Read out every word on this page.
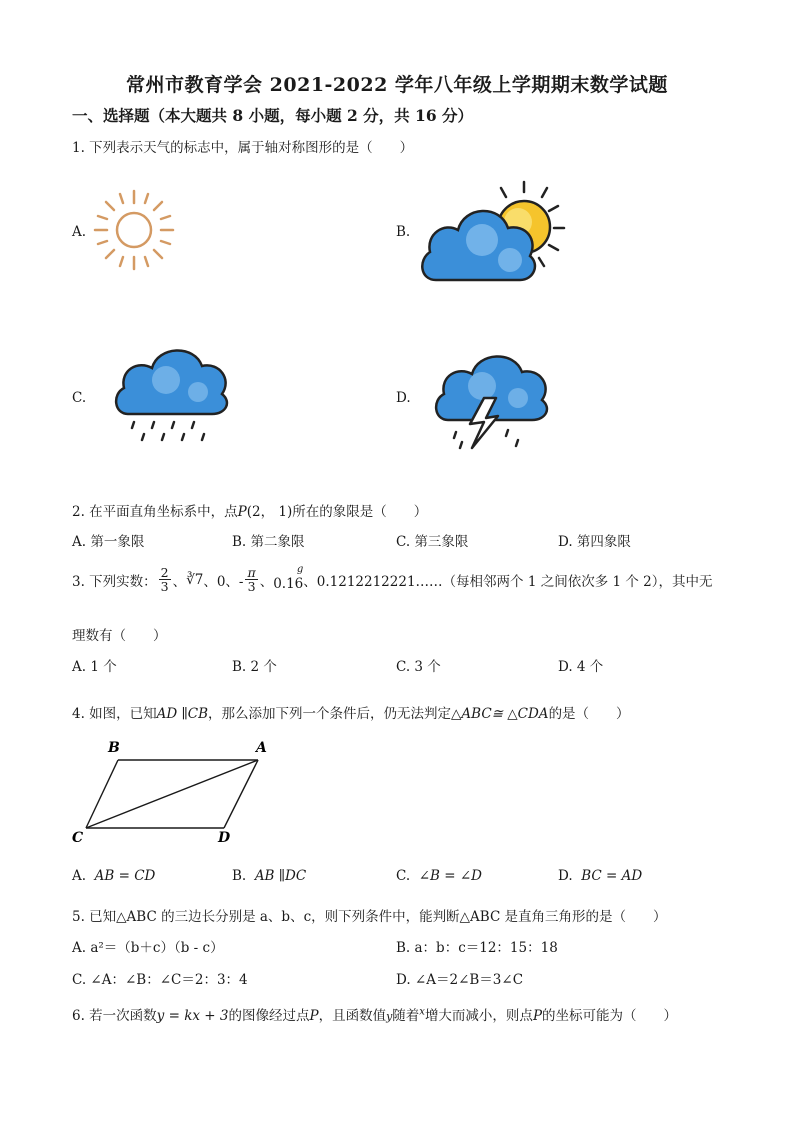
常州市教育学会 2021-2022 学年八年级上学期期末数学试题
一、选择题（本大题共 8 小题，每小题 2 分，共 16 分）
1. 下列表示天气的标志中，属于轴对称图形的是（　　）
A.	B.
C.	D.
2. 在平面直角坐标系中，点P(2， 1)所在的象限是（　　）
A. 第一象限	B. 第二象限	C. 第三象限	D. 第四象限
3. 下列实数： $\frac{2}{3}$ 、 ∛7 、0、- $\frac{\pi}{3}$ 、
g
0.16 、0.1212212221……（每相邻两个 1 之间依次多 1 个 2），其中无
理数有（　　）
A. 1 个	B. 2 个	C. 3 个	D. 4 个
4. 如图，已知AD ∥CB，那么添加下列一个条件后，仍无法判定△ABC≅ △CDA的是（　　）
B	A
C	D
A. AB = CD	B. AB ∥DC	C. ∠B = ∠D	D. BC = AD
5. 已知△ABC 的三边长分别是 a、b、c，则下列条件中，能判断△ABC 是直角三角形的是（　　）
A. a²＝（b＋c）（b - c）	B. a：b：c＝12：15：18
C. ∠A：∠B：∠C＝2：3：4	D. ∠A＝2∠B＝3∠C
6. 若一次函数y = kx + 3的图像经过点P，且函数值y随着$^x$增大而减小，则点P的坐标可能为（　　）
